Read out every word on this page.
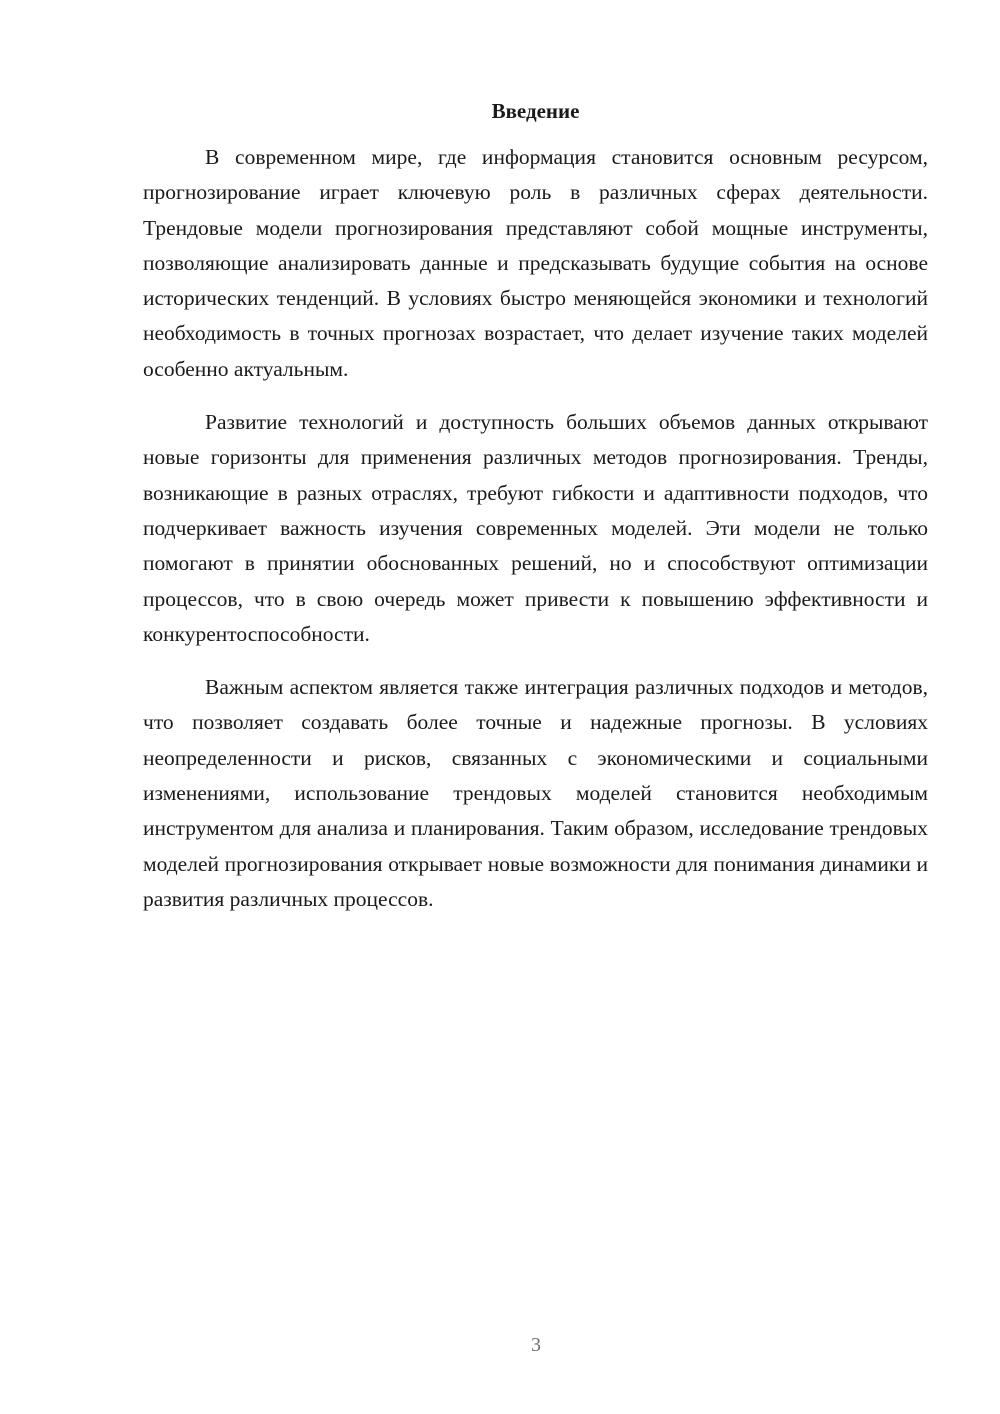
Введение

В современном мире, где информация становится основным ресурсом, прогнозирование играет ключевую роль в различных сферах деятельности. Трендовые модели прогнозирования представляют собой мощные инструменты, позволяющие анализировать данные и предсказывать будущие события на основе исторических тенденций. В условиях быстро меняющейся экономики и технологий необходимость в точных прогнозах возрастает, что делает изучение таких моделей особенно актуальным.

Развитие технологий и доступность больших объемов данных открывают новые горизонты для применения различных методов прогнозирования. Тренды, возникающие в разных отраслях, требуют гибкости и адаптивности подходов, что подчеркивает важность изучения современных моделей. Эти модели не только помогают в принятии обоснованных решений, но и способствуют оптимизации процессов, что в свою очередь может привести к повышению эффективности и конкурентоспособности.

Важным аспектом является также интеграция различных подходов и методов, что позволяет создавать более точные и надежные прогнозы. В условиях неопределенности и рисков, связанных с экономическими и социальными изменениями, использование трендовых моделей становится необходимым инструментом для анализа и планирования. Таким образом, исследование трендовых моделей прогнозирования открывает новые возможности для понимания динамики и развития различных процессов.

3
